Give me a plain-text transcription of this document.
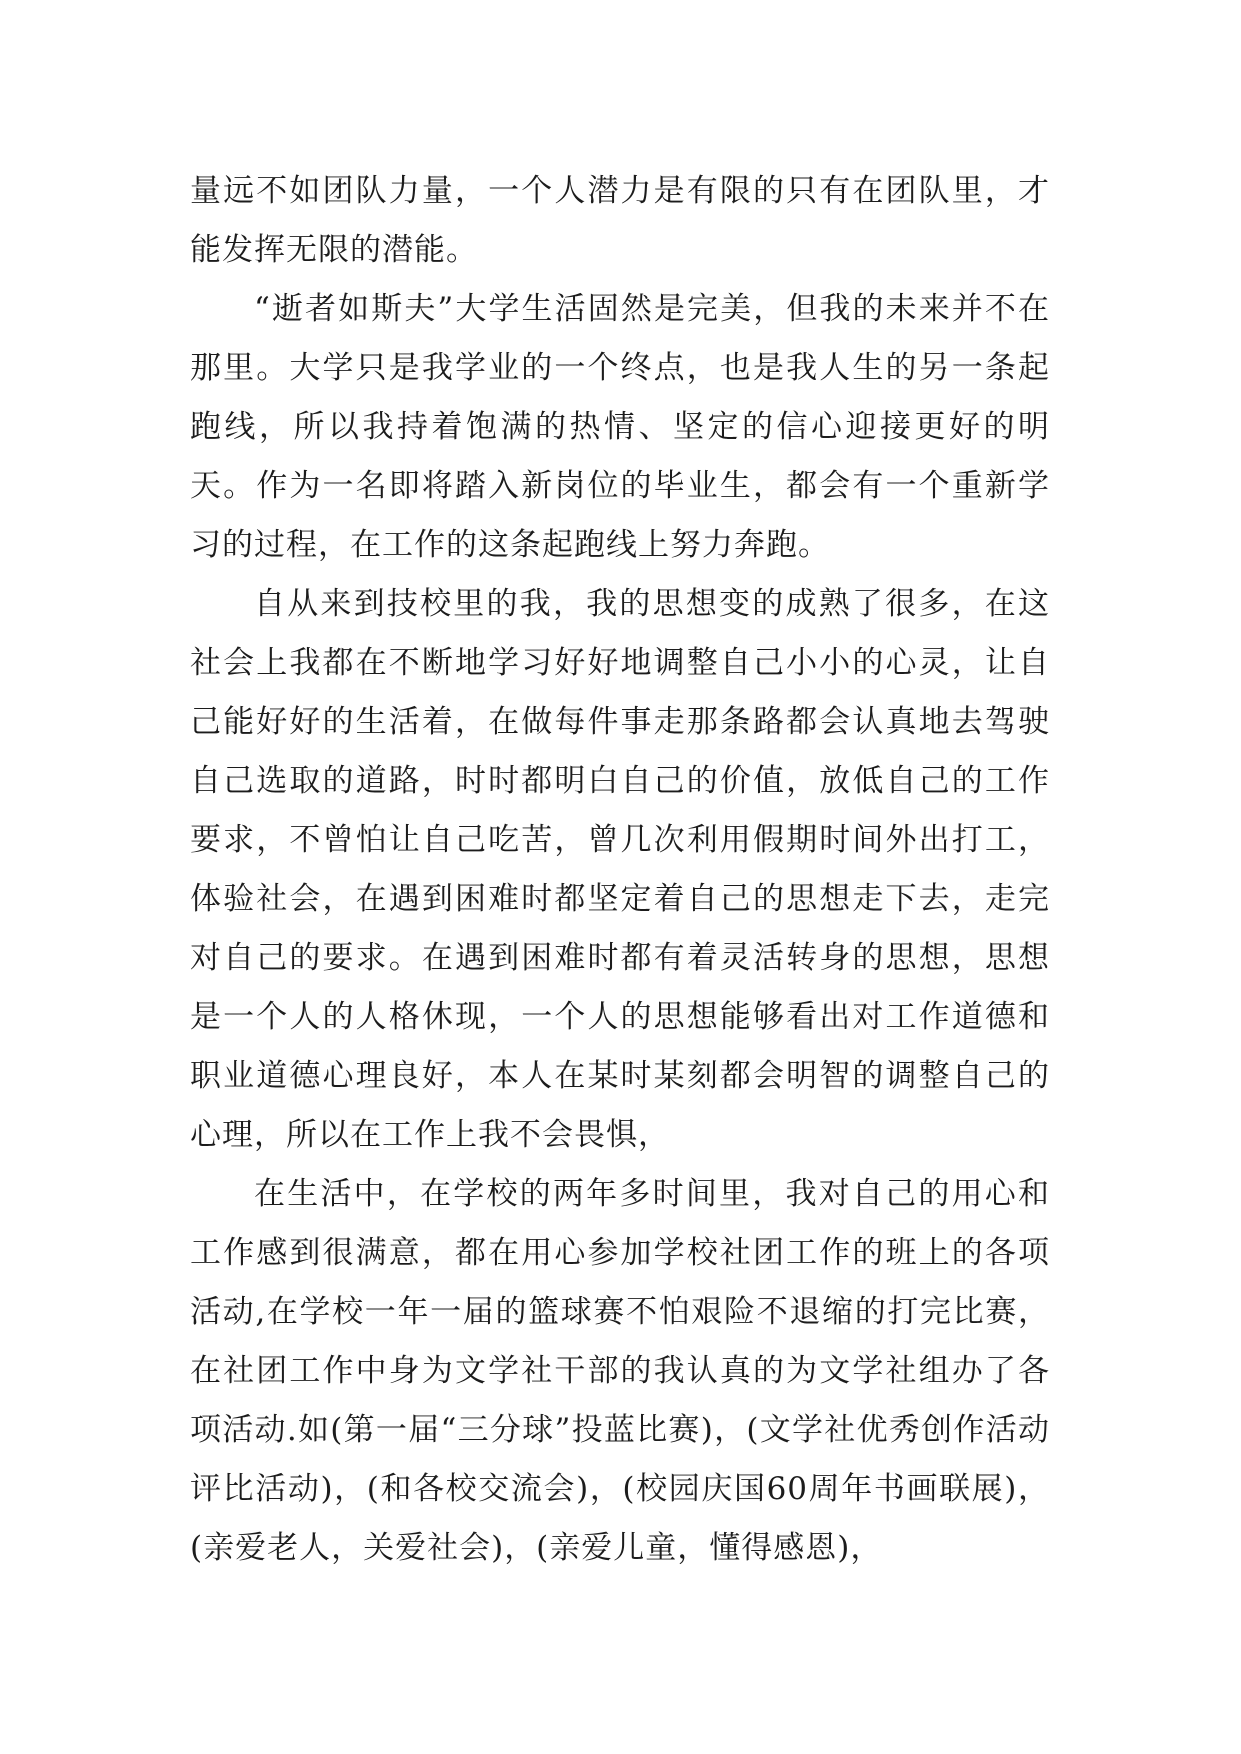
量远不如团队力量，一个人潜力是有限的只有在团队里，才能发挥无限的潜能。

“逝者如斯夫”大学生活固然是完美，但我的未来并不在那里。大学只是我学业的一个终点，也是我人生的另一条起跑线，所以我持着饱满的热情、坚定的信心迎接更好的明天。作为一名即将踏入新岗位的毕业生，都会有一个重新学习的过程，在工作的这条起跑线上努力奔跑。

自从来到技校里的我，我的思想变的成熟了很多，在这社会上我都在不断地学习好好地调整自己小小的心灵，让自己能好好的生活着，在做每件事走那条路都会认真地去驾驶自己选取的道路，时时都明白自己的价值，放低自己的工作要求，不曾怕让自己吃苦，曾几次利用假期时间外出打工，体验社会，在遇到困难时都坚定着自己的思想走下去，走完对自己的要求。在遇到困难时都有着灵活转身的思想，思想是一个人的人格休现，一个人的思想能够看出对工作道德和职业道德心理良好，本人在某时某刻都会明智的调整自己的心理，所以在工作上我不会畏惧，

在生活中，在学校的两年多时间里，我对自己的用心和工作感到很满意，都在用心参加学校社团工作的班上的各项活动,在学校一年一届的篮球赛不怕艰险不退缩的打完比赛，在社团工作中身为文学社干部的我认真的为文学社组办了各项活动.如(第一届“三分球”投蓝比赛)，(文学社优秀创作活动评比活动)，(和各校交流会)，(校园庆国60周年书画联展)，(亲爱老人，关爱社会)，(亲爱儿童，懂得感恩)，
